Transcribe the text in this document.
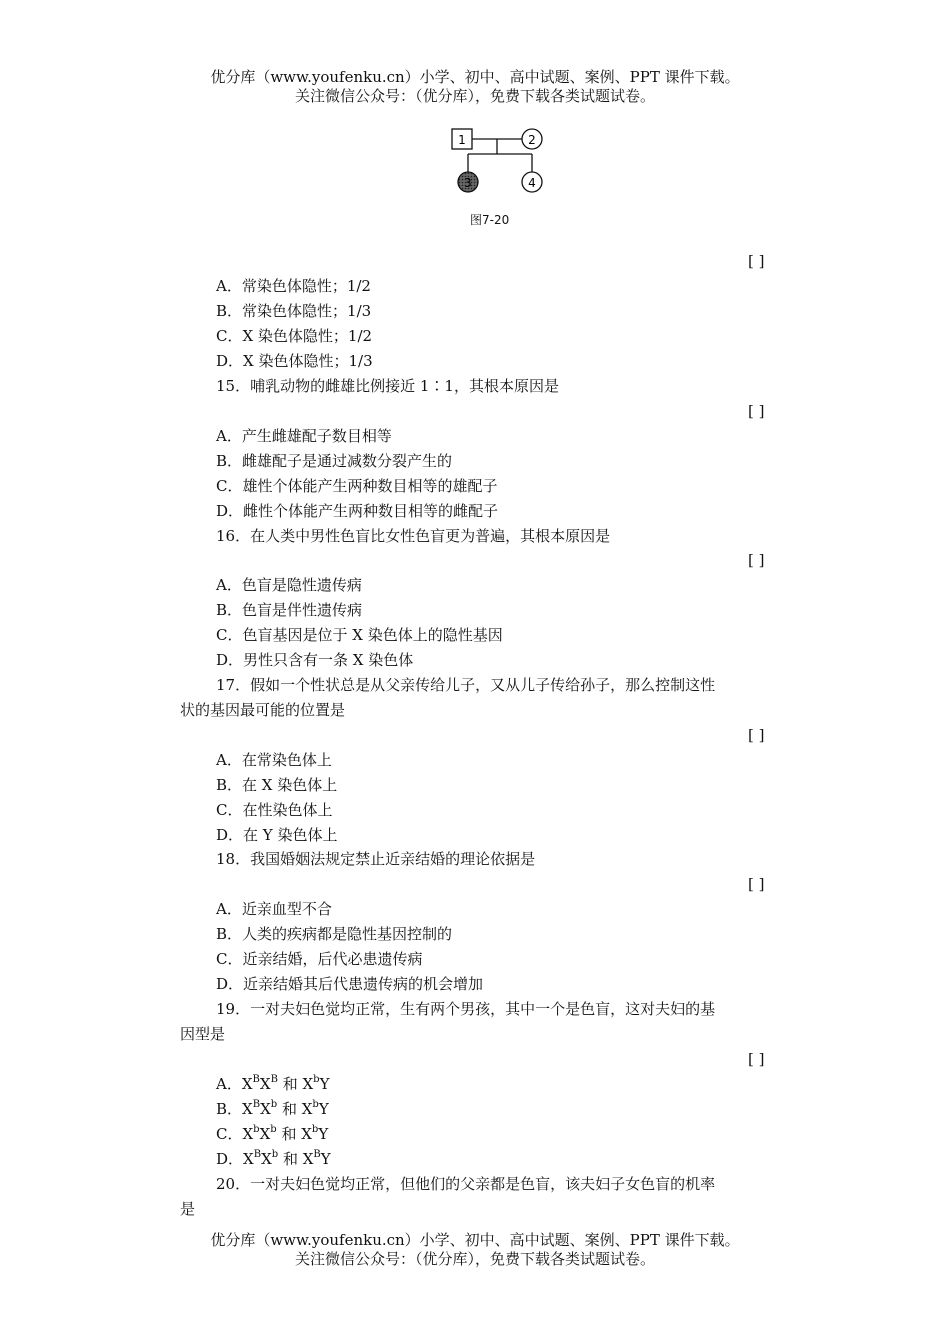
优分库（www.youfenku.cn）小学、初中、高中试题、案例、PPT 课件下载。
关注微信公众号：（优分库），免费下载各类试题试卷。
1	2
3	4
图7-20
[ ]
A．常染色体隐性；1/2
B．常染色体隐性；1/3
C．X 染色体隐性；1/2
D．X 染色体隐性；1/3
15．哺乳动物的雌雄比例接近 1∶1，其根本原因是
[ ]
A．产生雌雄配子数目相等
B．雌雄配子是通过减数分裂产生的
C．雄性个体能产生两种数目相等的雄配子
D．雌性个体能产生两种数目相等的雌配子
16．在人类中男性色盲比女性色盲更为普遍，其根本原因是
[ ]
A．色盲是隐性遗传病
B．色盲是伴性遗传病
C．色盲基因是位于 X 染色体上的隐性基因
D．男性只含有一条 X 染色体
17．假如一个性状总是从父亲传给儿子，又从儿子传给孙子，那么控制这性
状的基因最可能的位置是
[ ]
A．在常染色体上
B．在 X 染色体上
C．在性染色体上
D．在 Y 染色体上
18．我国婚姻法规定禁止近亲结婚的理论依据是
[ ]
A．近亲血型不合
B．人类的疾病都是隐性基因控制的
C．近亲结婚，后代必患遗传病
D．近亲结婚其后代患遗传病的机会增加
19．一对夫妇色觉均正常，生有两个男孩，其中一个是色盲，这对夫妇的基
因型是
[ ]
A．$X^BX^B$ 和 $X^bY$
B．$X^BX^b$ 和 $X^bY$
C．$X^bX^b$ 和 $X^bY$
D．$X^BX^b$ 和 $X^BY$
20．一对夫妇色觉均正常，但他们的父亲都是色盲，该夫妇子女色盲的机率
是
优分库（www.youfenku.cn）小学、初中、高中试题、案例、PPT 课件下载。
关注微信公众号：（优分库），免费下载各类试题试卷。
